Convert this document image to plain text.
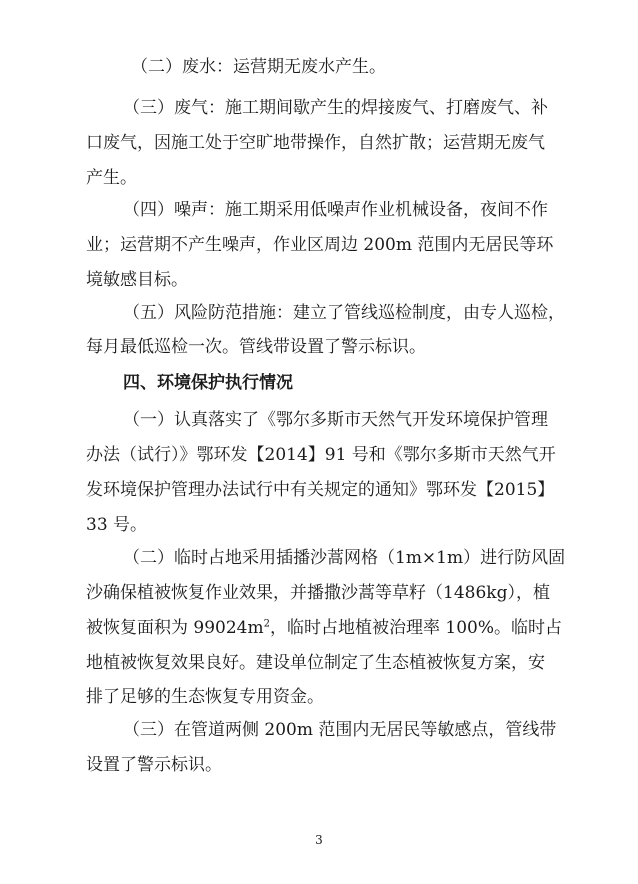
（二）废水：运营期无废水产生。
（三）废气：施工期间歇产生的焊接废气、打磨废气、补
口废气，因施工处于空旷地带操作，自然扩散；运营期无废气
产生。
（四）噪声：施工期采用低噪声作业机械设备，夜间不作
业；运营期不产生噪声，作业区周边 200m 范围内无居民等环
境敏感目标。
（五）风险防范措施：建立了管线巡检制度，由专人巡检，
每月最低巡检一次。管线带设置了警示标识。
四、环境保护执行情况
（一）认真落实了《鄂尔多斯市天然气开发环境保护管理
办法（试行）》鄂环发【2014】91 号和《鄂尔多斯市天然气开
发环境保护管理办法试行中有关规定的通知》鄂环发【2015】
33 号。
（二）临时占地采用插播沙蒿网格（1m×1m）进行防风固
沙确保植被恢复作业效果，并播撒沙蒿等草籽（1486kg），植
被恢复面积为 $99024m^2$，临时占地植被治理率 100%。临时占
地植被恢复效果良好。建设单位制定了生态植被恢复方案，安
排了足够的生态恢复专用资金。
（三）在管道两侧 200m 范围内无居民等敏感点，管线带
设置了警示标识。
3
